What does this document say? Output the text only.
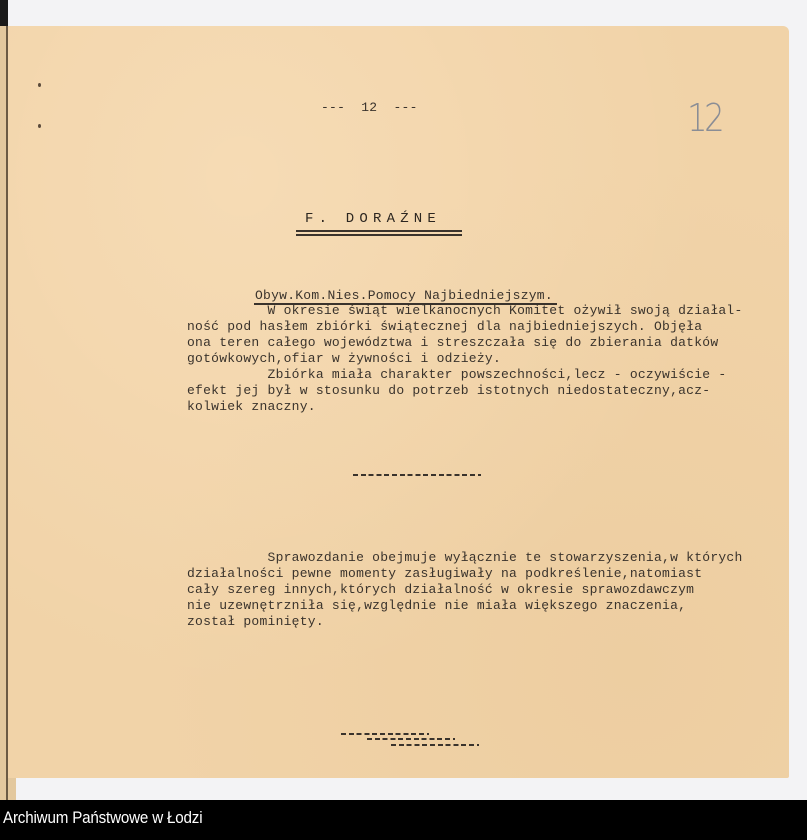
---  12  ---	12
F. DORAŹNE
Obyw.Kom.Nies.Pomocy Najbiedniejszym.
W okresie świąt wielkanocnych Komitet ożywił swoją działal-
ność pod hasłem zbiórki świątecznej dla najbiedniejszych. Objęła
ona teren całego województwa i streszczała się do zbierania datków
gotówkowych,ofiar w żywności i odzieży.
Zbiórka miała charakter powszechności,lecz - oczywiście -
efekt jej był w stosunku do potrzeb istotnych niedostateczny,acz-
kolwiek znaczny.
Sprawozdanie obejmuje wyłącznie te stowarzyszenia,w których
działalności pewne momenty zasługiwały na podkreślenie,natomiast
cały szereg innych,których działalność w okresie sprawozdawczym
nie uzewnętrzniła się,względnie nie miała większego znaczenia,
został pominięty.
Archiwum Państwowe w Łodzi
